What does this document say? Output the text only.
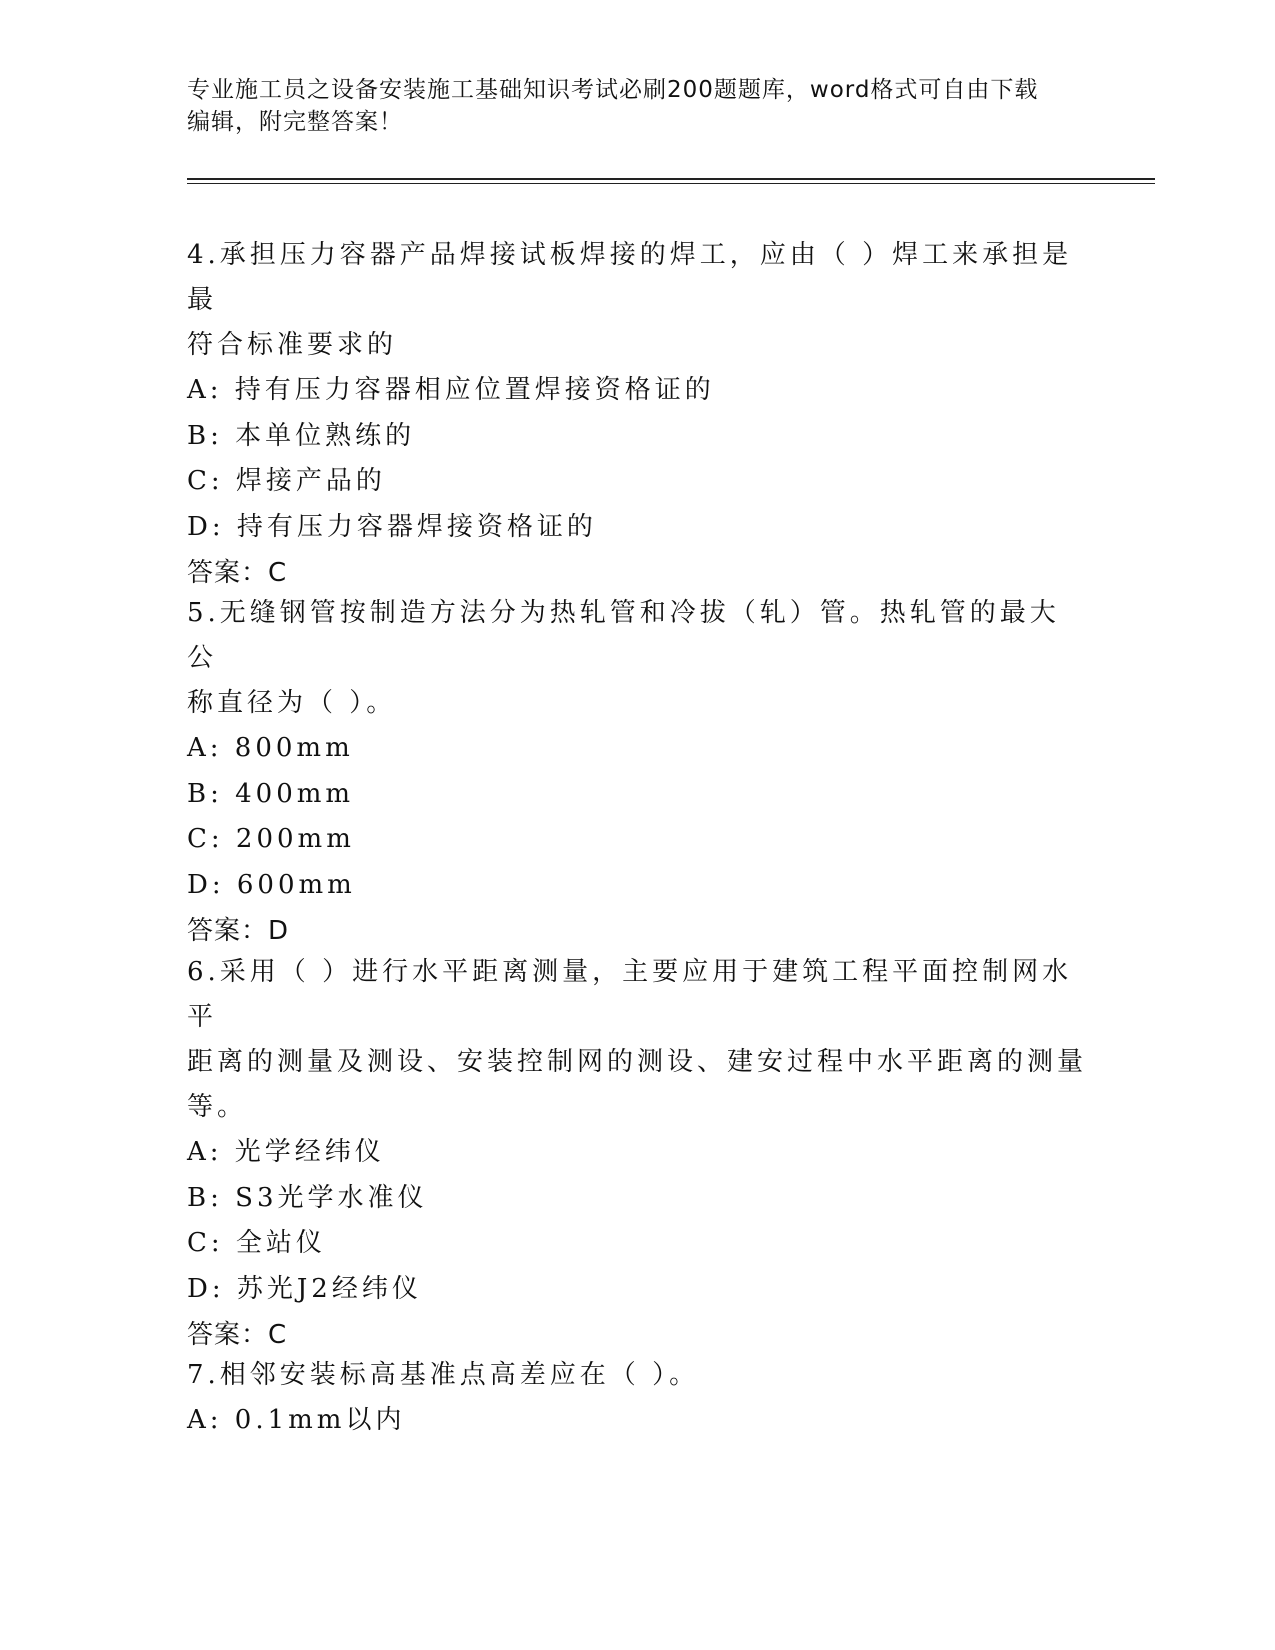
专业施工员之设备安装施工基础知识考试必刷200题题库，word格式可自由下载
编辑，附完整答案！

4.承担压力容器产品焊接试板焊接的焊工，应由（ ）焊工来承担是最

符合标准要求的

A: 持有压力容器相应位置焊接资格证的

B: 本单位熟练的

C: 焊接产品的

D: 持有压力容器焊接资格证的

答案：C

5.无缝钢管按制造方法分为热轧管和冷拔（轧）管。热轧管的最大公

称直径为（ ）。

A: 800mm

B: 400mm

C: 200mm

D: 600mm

答案：D

6.采用（ ）进行水平距离测量，主要应用于建筑工程平面控制网水平

距离的测量及测设、安装控制网的测设、建安过程中水平距离的测量

等。

A: 光学经纬仪

B: S3光学水准仪

C: 全站仪

D: 苏光J2经纬仪

答案：C

7.相邻安装标高基准点高差应在（ ）。

A: 0.1mm以内
